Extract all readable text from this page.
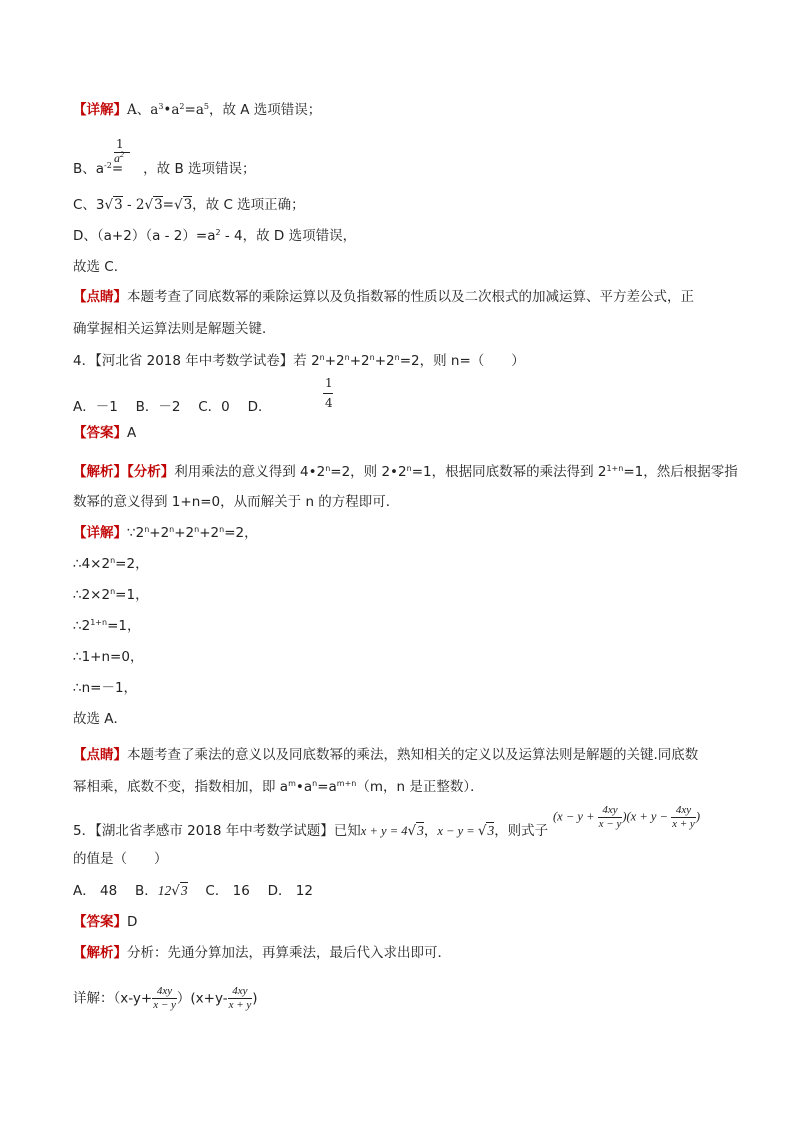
【详解】A、$a^3•a^2=a^5$，故 A 选项错误；
1
B、$a^{-2}=$ ，故 B 选项错误；
$a^2$
C、3√3 - 2√3=√3，故 C 选项正确；
D、$(a+2)(a - 2)=a^2 - 4$，故 D 选项错误，
故选 C．
【点睛】本题考查了同底数幂的乘除运算以及负指数幂的性质以及二次根式的加减运算、平方差公式，正
确掌握相关运算法则是解题关键．
4．【河北省 2018 年中考数学试卷】若 $2^n+2^n+2^n+2^n=2$，则 n=（　　）
1
4
A．－1　 B．－2　 C．0　 D．
【答案】A
【解析】【分析】利用乘法的意义得到 $4•2^n=2$，则 $2•2^n=1$，根据同底数幂的乘法得到 $2^{1+n}=1$，然后根据零指
数幂的意义得到 1+n=0，从而解关于 n 的方程即可．
【详解】$\because 2^n+2^n+2^n+2^n=2$，
$\therefore 4\times 2^n=2$，
$\therefore 2\times 2^n=1$，
$\therefore 2^{1+n}=1$，
∴1+n=0，
∴n=－1，
故选 A．
【点睛】本题考查了乘法的意义以及同底数幂的乘法，熟知相关的定义以及运算法则是解题的关键.同底数
幂相乘，底数不变，指数相加，即 $a^m•a^n=a^{m+n}(m$，n 是正整数）．
5．【湖北省孝感市 2018 年中考数学试题】已知x + y = 4√3，x − y = √3，则式子
$(x - y + \frac{4xy}{x - y} )(x + y - \frac{4xy}{x + y}$ )
的值是（　　）
A． 48　 B．12√3　 C． 16　 D． 12
【答案】D
【解析】分析：先通分算加法，再算乘法，最后代入求出即可．
详解：$(x-y+ \frac{4xy}{x - y} )(x+y- \frac{4xy}{x + y}$ )
